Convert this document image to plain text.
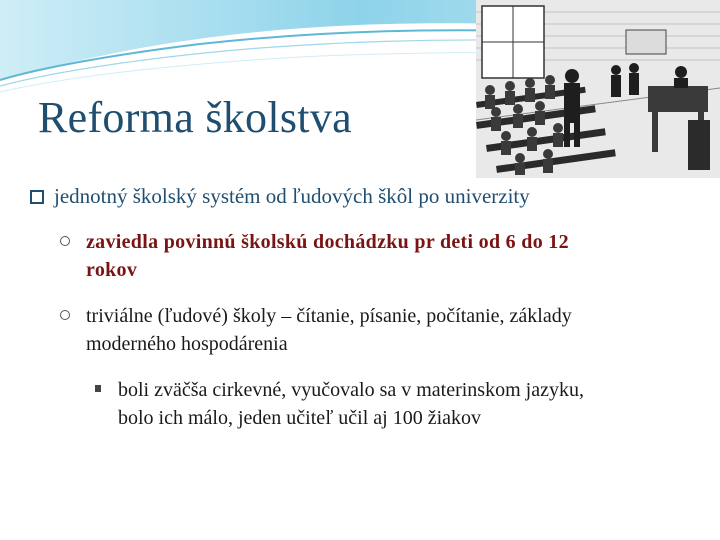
Reforma školstva
jednotný školský systém od ľudových škôl po univerzity
zaviedla povinnú školskú dochádzku pr deti od 6 do 12
rokov
triviálne (ľudové) školy – čítanie, písanie, počítanie, základy
moderného hospodárenia
boli zväčša cirkevné, vyučovalo sa v materinskom jazyku,
bolo ich málo, jeden učiteľ učil aj 100 žiakov
